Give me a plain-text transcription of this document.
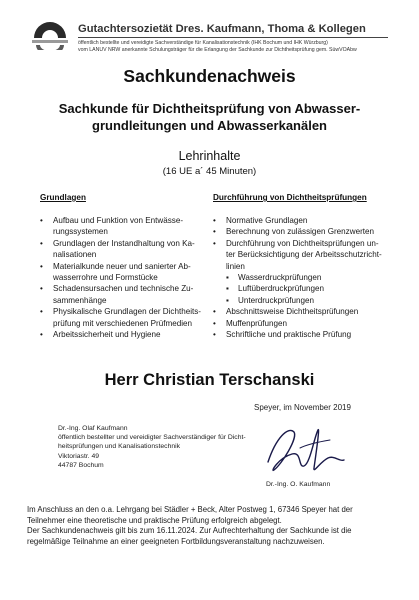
Gutachtersozietät Dres. Kaufmann, Thoma & Kollegen
öffentlich bestellte und vereidigte Sachverständige für Kanalisationstechnik (IHK Bochum und IHK Würzburg)
vom LANUV NRW anerkannte Schulungsträger für die Erlangung der Sachkunde zur Dichtheitsprüfung gem. SüwVOAbw
Sachkundenachweis
Sachkunde für Dichtheitsprüfung von Abwasser-
grundleitungen und Abwasserkanälen
Lehrinhalte
(16 UE a´ 45 Minuten)
Grundlagen
• Aufbau und Funktion von Entwässe-
rungssystemen
• Grundlagen der Instandhaltung von Ka-
nalisationen
• Materialkunde neuer und sanierter Ab-
wasserrohre und Formstücke
• Schadensursachen und technische Zu-
sammenhänge
• Physikalische Grundlagen der Dichtheits-
prüfung mit verschiedenen Prüfmedien
• Arbeitssicherheit und Hygiene
Durchführung von Dichtheitsprüfungen
• Normative Grundlagen
• Berechnung von zulässigen Grenzwerten
• Durchführung von Dichtheitsprüfungen un-
ter Berücksichtigung der Arbeitsschutzricht-
linien
▪ Wasserdruckprüfungen
▪ Luftüberdruckprüfungen
▪ Unterdruckprüfungen
• Abschnittsweise Dichtheitsprüfungen
• Muffenprüfungen
• Schriftliche und praktische Prüfung
Herr Christian Terschanski
Speyer, im November 2019
Dr.-Ing. Olaf Kaufmann
öffentlich bestellter und vereidigter Sachverständiger für Dicht-
heitsprüfungen und Kanalisationstechnik
Viktoriastr. 49
44787 Bochum
Dr.-Ing. O. Kaufmann

Im Anschluss an den o.a. Lehrgang bei Städler + Beck, Alter Postweg 1, 67346 Speyer hat der

Teilnehmer eine theoretische und praktische Prüfung erfolgreich abgelegt.

Der Sachkundenachweis gilt bis zum 16.11.2024. Zur Aufrechterhaltung der Sachkunde ist die

regelmäßige Teilnahme an einer geeigneten Fortbildungsveranstaltung nachzuweisen.
